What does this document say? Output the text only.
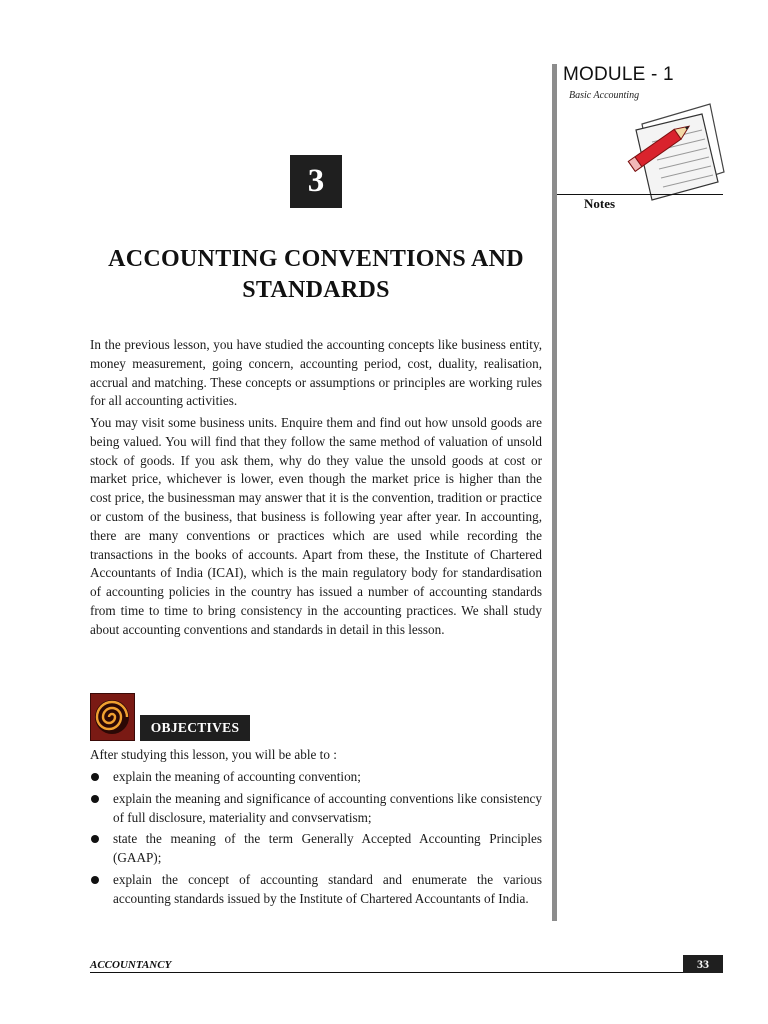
MODULE - 1
Basic Accounting
Notes
3
ACCOUNTING CONVENTIONS AND STANDARDS

In the previous lesson, you have studied the accounting concepts like business entity, money measurement, going concern, accounting period, cost, duality, realisation, accrual and matching. These concepts or assumptions or principles are working rules for all accounting activities.

You may visit some business units. Enquire them and find out how unsold goods are being valued. You will find that they follow the same method of valuation of unsold stock of goods. If you ask them, why do they value the unsold goods at cost or market price, whichever is lower, even though the market price is higher than the cost price, the businessman may answer that it is the convention, tradition or practice or custom of the business, that business is following year after year. In accounting, there are many conventions or practices which are used while recording the transactions in the books of accounts. Apart from these, the Institute of Chartered Accountants of India (ICAI), which is the main regulatory body for standardisation of accounting policies in the country has issued a number of accounting standards from time to time to bring consistency in the accounting practices. We shall study about accounting conventions and standards in detail in this lesson.

OBJECTIVES

After studying this lesson, you will be able to :

explain the meaning of accounting convention;
explain the meaning and significance of accounting conventions like consistency of full disclosure, materiality and convservatism;
state the meaning of the term Generally Accepted Accounting Principles (GAAP);
explain the concept of accounting standard and enumerate the various accounting standards issued by the Institute of Chartered Accountants of India.
ACCOUNTANCY	33
